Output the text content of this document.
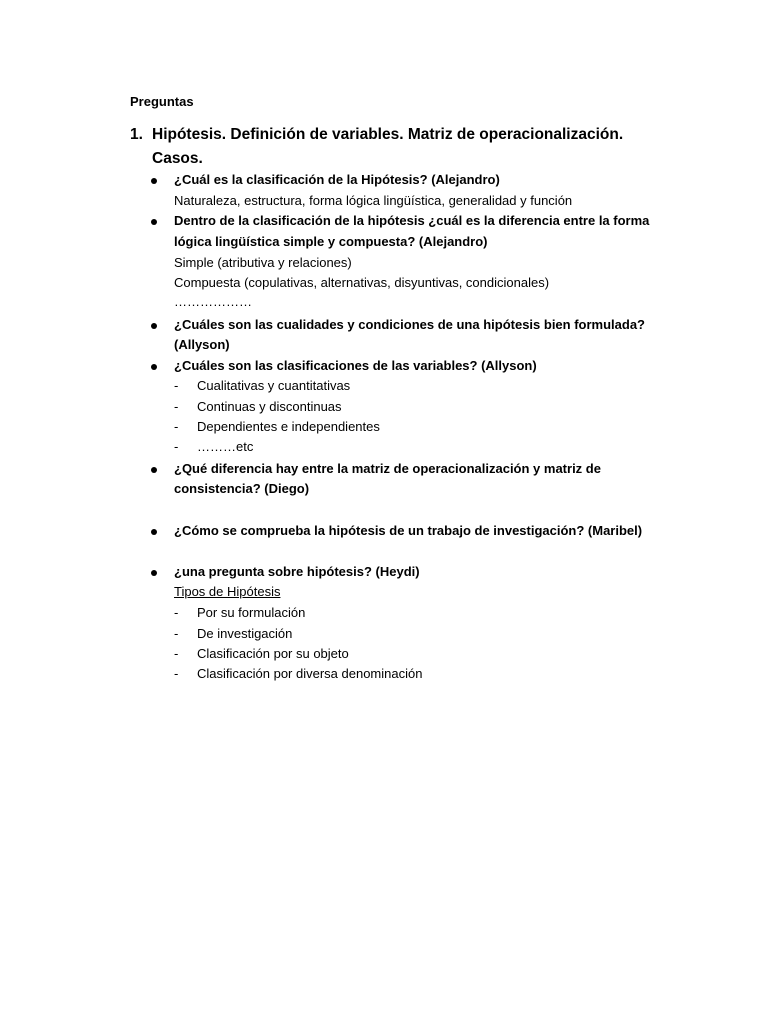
Preguntas
1. Hipótesis. Definición de variables. Matriz de operacionalización. Casos.
¿Cuál es la clasificación de la Hipótesis? (Alejandro)
Naturaleza, estructura, forma lógica lingüística, generalidad y función
Dentro de la clasificación de la hipótesis ¿cuál es la diferencia entre la forma
lógica lingüística simple y compuesta? (Alejandro)
Simple (atributiva y relaciones)
Compuesta (copulativas, alternativas, disyuntivas, condicionales)
………………
¿Cuáles son las cualidades y condiciones de una hipótesis bien formulada?
(Allyson)
¿Cuáles son las clasificaciones de las variables? (Allyson)
- Cualitativas y cuantitativas
- Continuas y discontinuas
- Dependientes e independientes
- ………etc
¿Qué diferencia hay entre la matriz de operacionalización y matriz de
consistencia? (Diego)
¿Cómo se comprueba la hipótesis de un trabajo de investigación? (Maribel)
¿una pregunta sobre hipótesis? (Heydi)
Tipos de Hipótesis
- Por su formulación
- De investigación
- Clasificación por su objeto
- Clasificación por diversa denominación
